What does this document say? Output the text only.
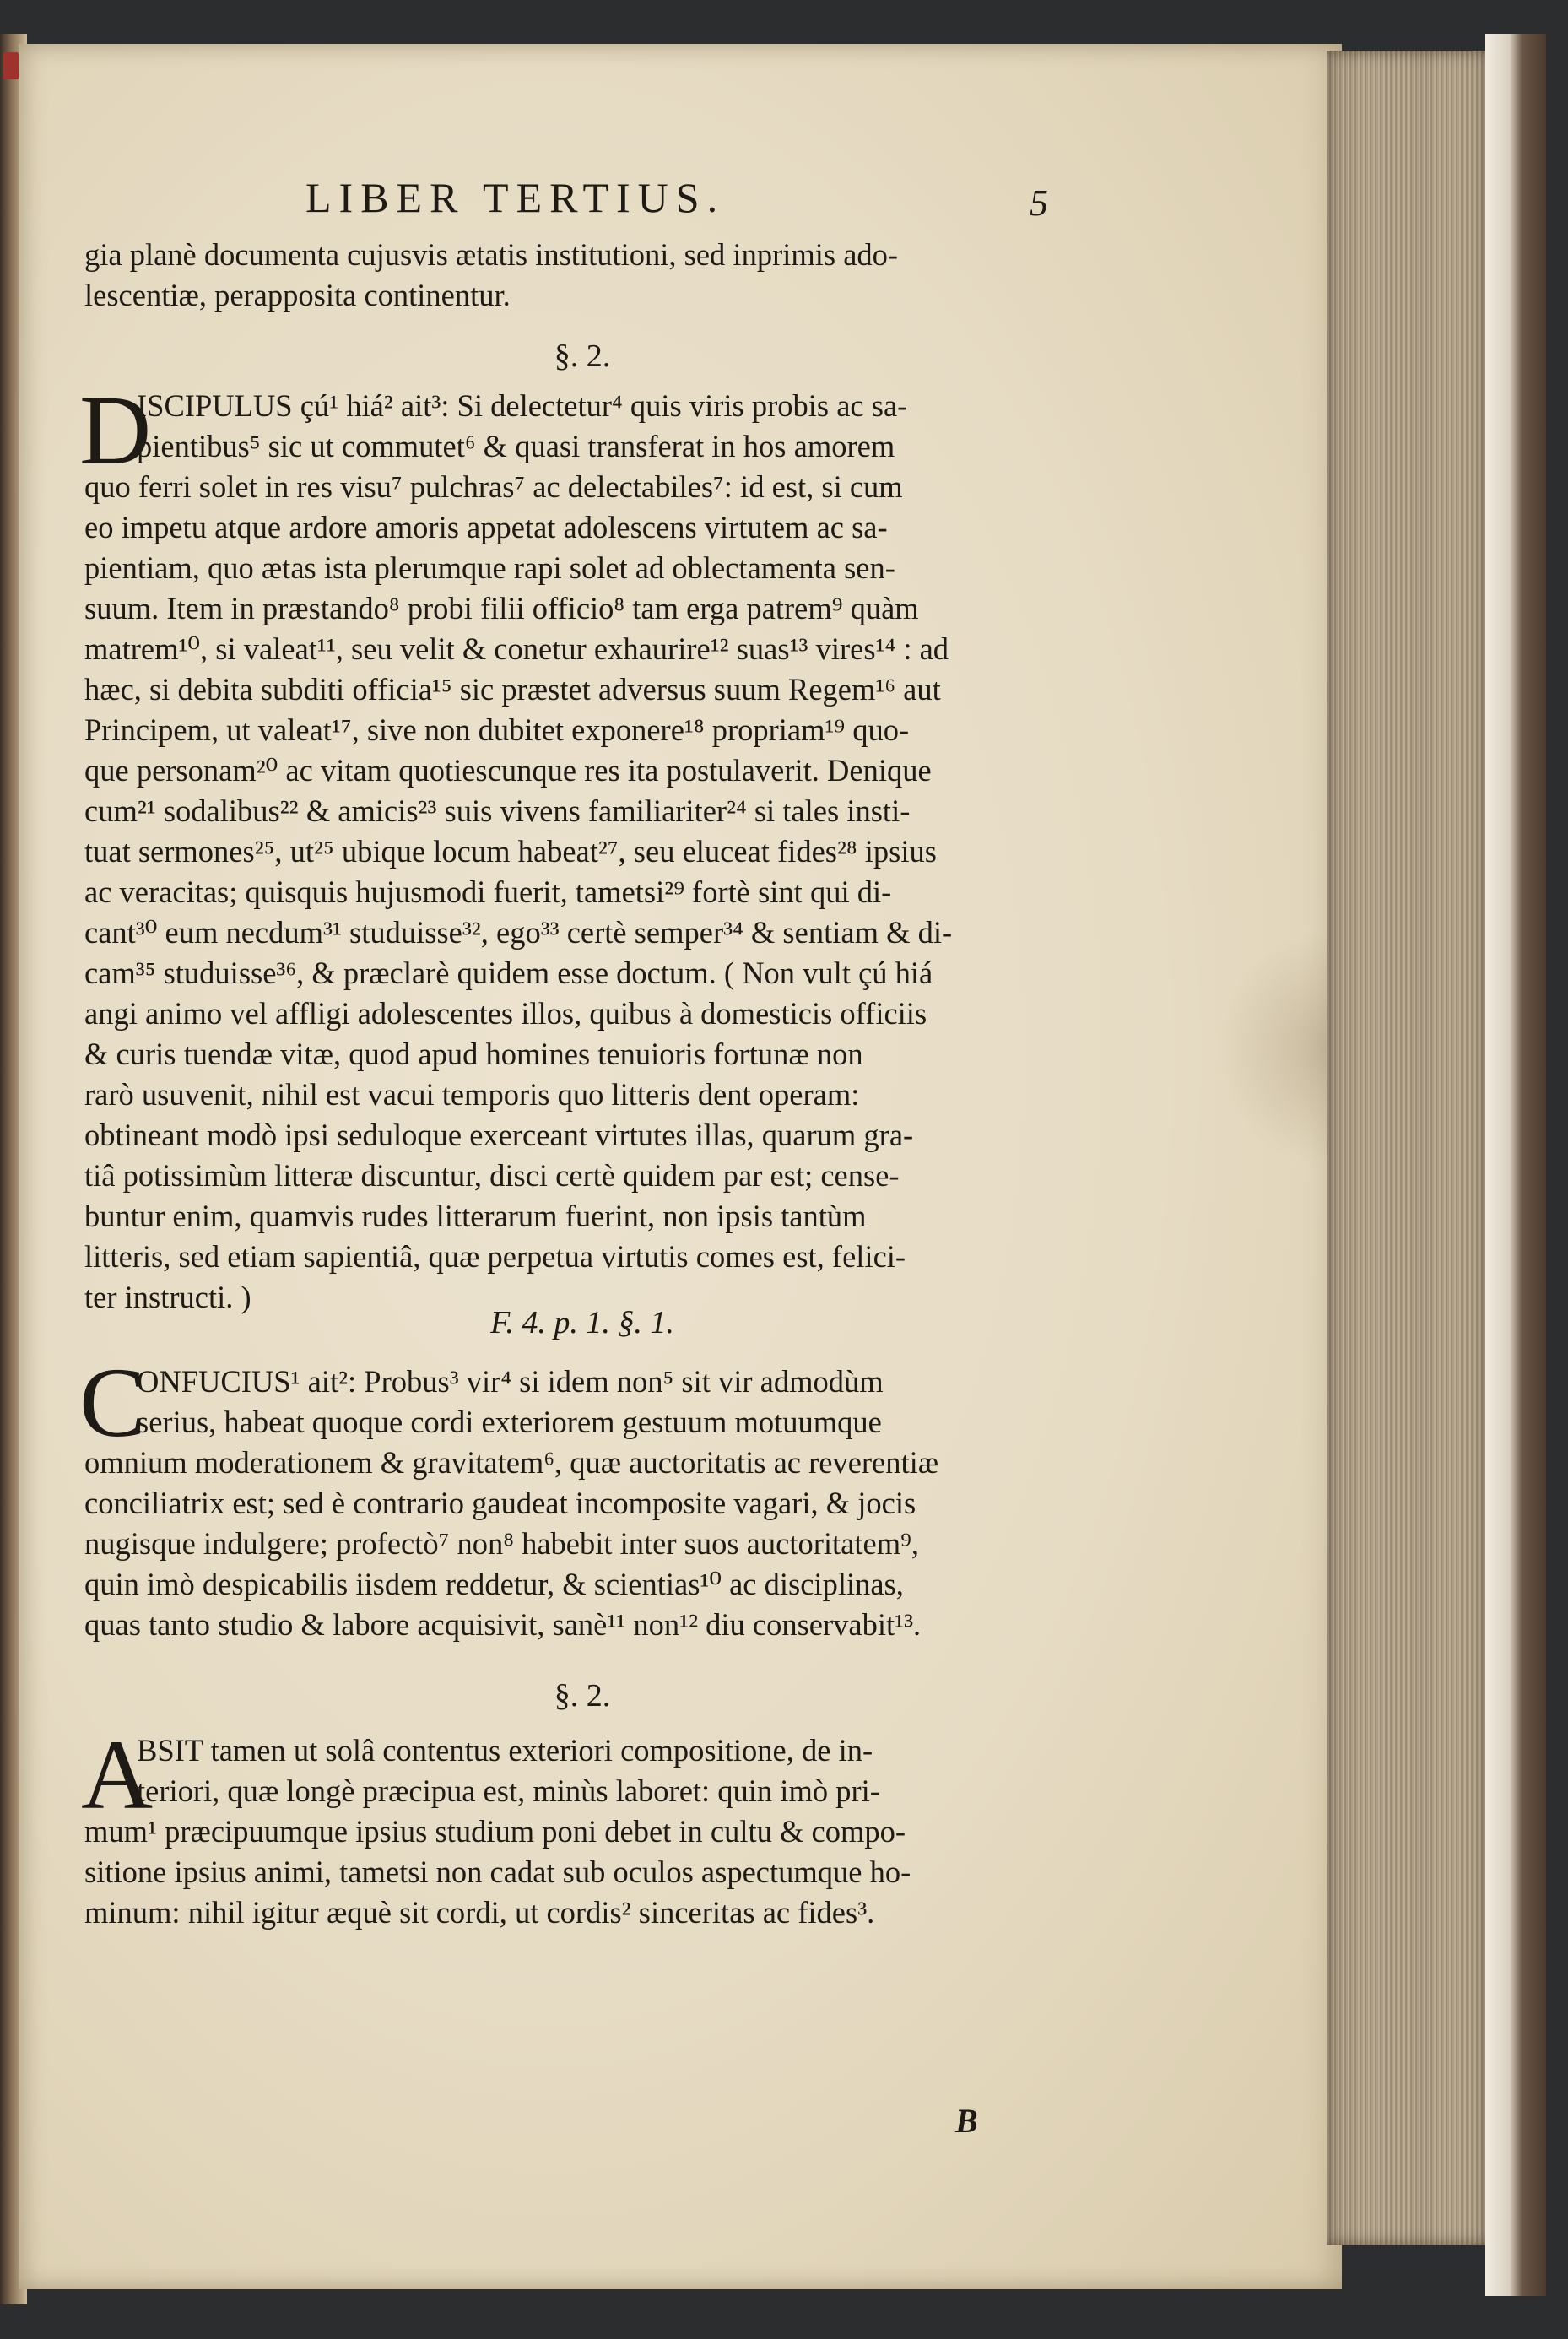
LIBER TERTIUS.	5
gia planè documenta cujusvis ætatis institutioni, sed inprimis ado-
lescentiæ, perapposita continentur.
§. 2.
D
ISCIPULUS çú¹ hiá² ait³: Si delectetur⁴ quis viris probis ac sa-
pientibus⁵ sic ut commutet⁶ & quasi transferat in hos amorem
quo ferri solet in res visu⁷ pulchras⁷ ac delectabiles⁷: id est, si cum
eo impetu atque ardore amoris appetat adolescens virtutem ac sa-
pientiam, quo ætas ista plerumque rapi solet ad oblectamenta sen-
suum. Item in præstando⁸ probi filii officio⁸ tam erga patrem⁹ quàm
matrem¹⁰, si valeat¹¹, seu velit & conetur exhaurire¹² suas¹³ vires¹⁴ : ad
hæc, si debita subditi officia¹⁵ sic præstet adversus suum Regem¹⁶ aut
Principem, ut valeat¹⁷, sive non dubitet exponere¹⁸ propriam¹⁹ quo-
que personam²⁰ ac vitam quotiescunque res ita postulaverit. Denique
cum²¹ sodalibus²² & amicis²³ suis vivens familiariter²⁴ si tales insti-
tuat sermones²⁵, ut²⁵ ubique locum habeat²⁷, seu eluceat fides²⁸ ipsius
ac veracitas; quisquis hujusmodi fuerit, tametsi²⁹ fortè sint qui di-
cant³⁰ eum necdum³¹ studuisse³², ego³³ certè semper³⁴ & sentiam & di-
cam³⁵ studuisse³⁶, & præclarè quidem esse doctum. ( Non vult çú hiá
angi animo vel affligi adolescentes illos, quibus à domesticis officiis
& curis tuendæ vitæ, quod apud homines tenuioris fortunæ non
rarò usuvenit, nihil est vacui temporis quo litteris dent operam:
obtineant modò ipsi seduloque exerceant virtutes illas, quarum gra-
tiâ potissimùm litteræ discuntur, disci certè quidem par est; cense-
buntur enim, quamvis rudes litterarum fuerint, non ipsis tantùm
litteris, sed etiam sapientiâ, quæ perpetua virtutis comes est, felici-
ter instructi. )
F. 4. p. 1. §. 1.
C
ONFUCIUS¹ ait²: Probus³ vir⁴ si idem non⁵ sit vir admodùm
serius, habeat quoque cordi exteriorem gestuum motuumque
omnium moderationem & gravitatem⁶, quæ auctoritatis ac reverentiæ
conciliatrix est; sed è contrario gaudeat incomposite vagari, & jocis
nugisque indulgere; profectò⁷ non⁸ habebit inter suos auctoritatem⁹,
quin imò despicabilis iisdem reddetur, & scientias¹⁰ ac disciplinas,
quas tanto studio & labore acquisivit, sanè¹¹ non¹² diu conservabit¹³.
§. 2.
A
BSIT tamen ut solâ contentus exteriori compositione, de in-
teriori, quæ longè præcipua est, minùs laboret: quin imò pri-
mum¹ præcipuumque ipsius studium poni debet in cultu & compo-
sitione ipsius animi, tametsi non cadat sub oculos aspectumque ho-
minum: nihil igitur æquè sit cordi, ut cordis² sinceritas ac fides³.
B
